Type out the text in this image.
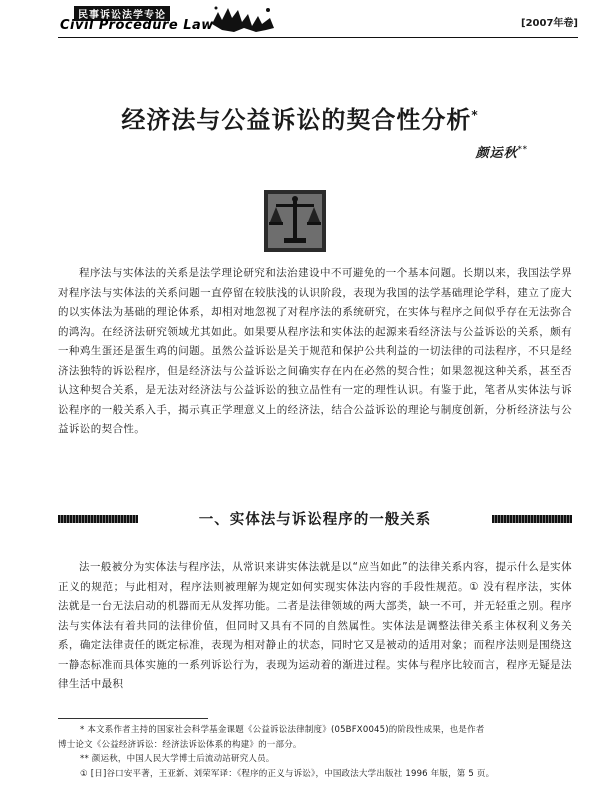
民事诉讼法学专论
Civil Procedure Law	[2007年卷]
经济法与公益诉讼的契合性分析*
颜运秋**

程序法与实体法的关系是法学理论研究和法治建设中不可避免的一个基本问题。长期以来，我国法学界对程序法与实体法的关系问题一直停留在较肤浅的认识阶段，表现为我国的法学基础理论学科，建立了庞大的以实体法为基础的理论体系，却相对地忽视了对程序法的系统研究，在实体与程序之间似乎存在无法弥合的鸿沟。在经济法研究领域尤其如此。如果要从程序法和实体法的起源来看经济法与公益诉讼的关系，颇有一种鸡生蛋还是蛋生鸡的问题。虽然公益诉讼是关于规范和保护公共利益的一切法律的司法程序，不只是经济法独特的诉讼程序，但是经济法与公益诉讼之间确实存在内在必然的契合性；如果忽视这种关系，甚至否认这种契合关系，是无法对经济法与公益诉讼的独立品性有一定的理性认识。有鉴于此，笔者从实体法与诉讼程序的一般关系入手，揭示真正学理意义上的经济法，结合公益诉讼的理论与制度创新，分析经济法与公益诉讼的契合性。

一、实体法与诉讼程序的一般关系

法一般被分为实体法与程序法，从常识来讲实体法就是以“应当如此”的法律关系内容，提示什么是实体正义的规范；与此相对，程序法则被理解为规定如何实现实体法内容的手段性规范。① 没有程序法，实体法就是一台无法启动的机器而无从发挥功能。二者是法律领域的两大部类，缺一不可，并无轻重之别。程序法与实体法有着共同的法律价值，但同时又具有不同的自然属性。实体法是调整法律关系主体权利义务关系，确定法律责任的既定标准，表现为相对静止的状态，同时它又是被动的适用对象；而程序法则是围绕这一静态标准而具体实施的一系列诉讼行为，表现为运动着的渐进过程。实体与程序比较而言，程序无疑是法律生活中最积

* 本文系作者主持的国家社会科学基金课题《公益诉讼法律制度》(05BFX0045)的阶段性成果，也是作者

博士论文《公益经济诉讼：经济法诉讼体系的构建》的一部分。

** 颜运秋，中国人民大学博士后流动站研究人员。

① [日]谷口安平著，王亚新、刘荣军译：《程序的正义与诉讼》，中国政法大学出版社 1996 年版，第 5 页。
